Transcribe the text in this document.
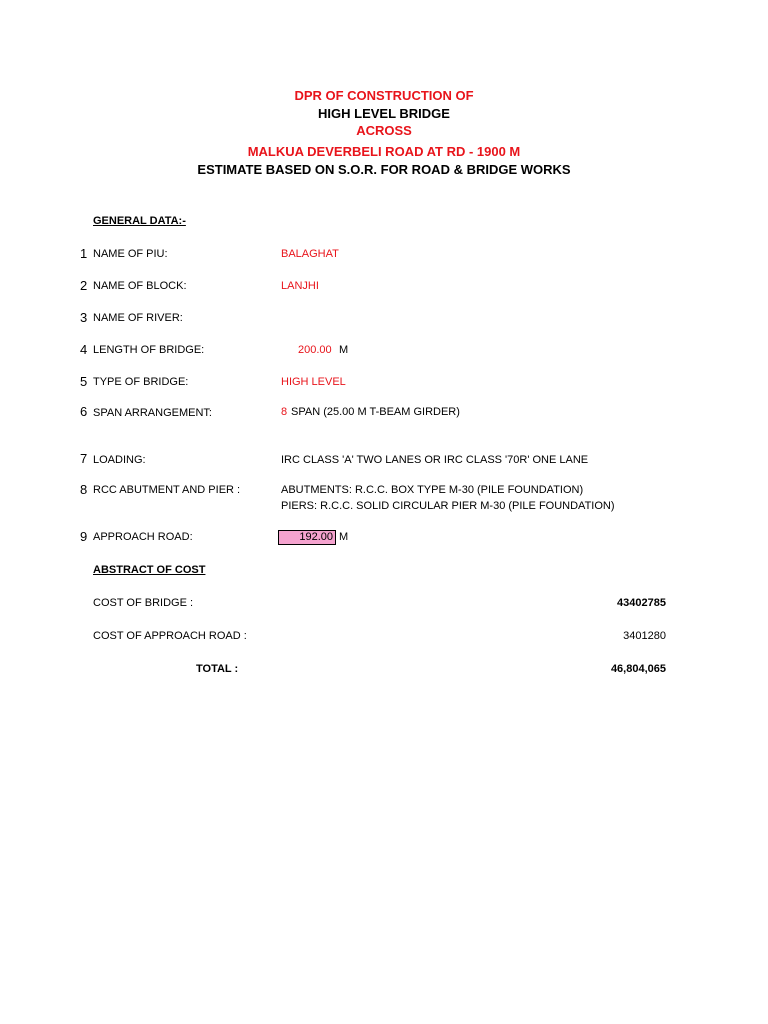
DPR OF CONSTRUCTION OF
HIGH LEVEL BRIDGE
ACROSS
MALKUA DEVERBELI ROAD AT RD - 1900 M
ESTIMATE BASED ON S.O.R. FOR ROAD & BRIDGE WORKS
GENERAL DATA:-
1 NAME OF PIU:	BALAGHAT
2 NAME OF BLOCK:	LANJHI
3 NAME OF RIVER:
4 LENGTH OF BRIDGE:	200.00 M
5 TYPE OF BRIDGE:	HIGH LEVEL
6 SPAN ARRANGEMENT:	8 SPAN (25.00 M T-BEAM GIRDER)
7 LOADING:	IRC CLASS 'A' TWO LANES OR IRC CLASS '70R' ONE LANE
8 RCC ABUTMENT AND PIER :	ABUTMENTS: R.C.C. BOX TYPE M-30 (PILE FOUNDATION)
PIERS: R.C.C. SOLID CIRCULAR PIER M-30 (PILE FOUNDATION)
9 APPROACH ROAD:	192.00 M
ABSTRACT OF COST
COST OF BRIDGE :	43402785
COST OF APPROACH ROAD :	3401280
TOTAL :	46,804,065
